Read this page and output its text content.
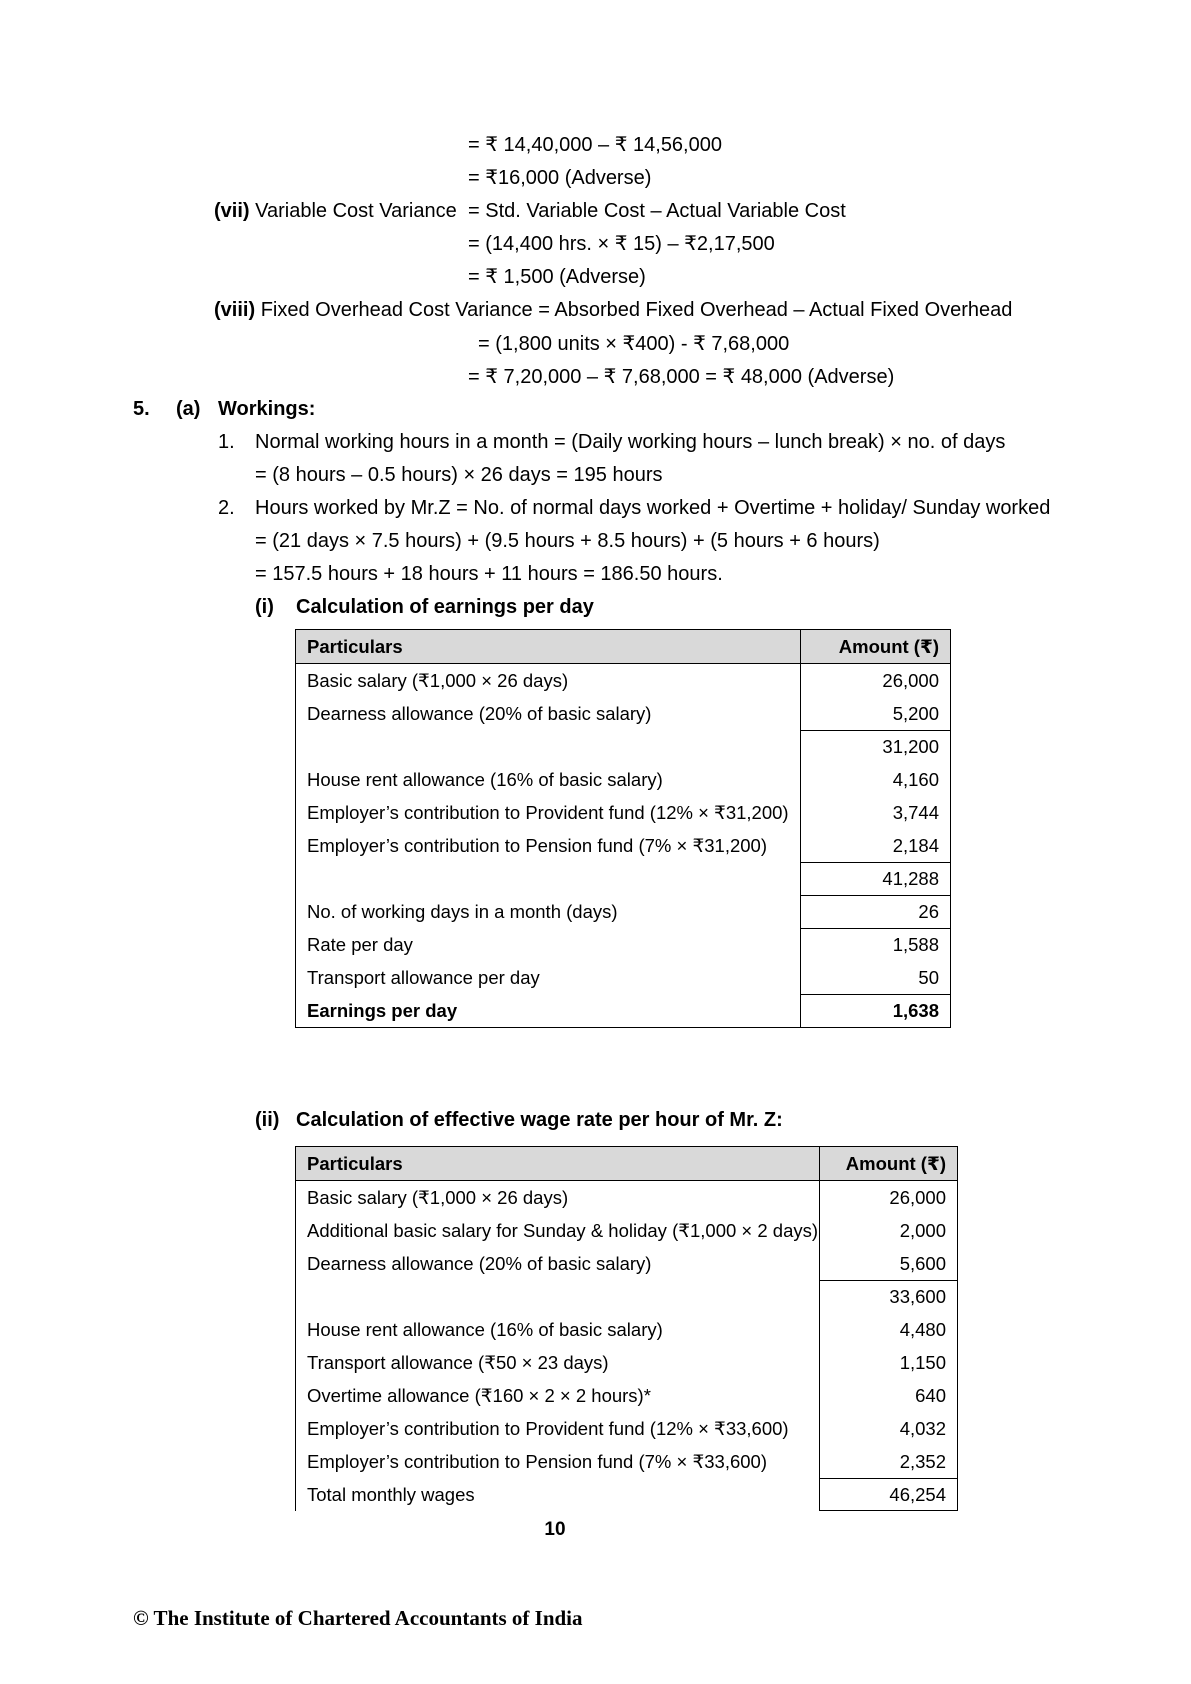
= ₹ 14,40,000 – ₹ 14,56,000
= ₹16,000 (Adverse)
(vii) Variable Cost Variance = Std. Variable Cost – Actual Variable Cost
= (14,400 hrs. × ₹ 15) – ₹2,17,500
= ₹ 1,500 (Adverse)
(viii) Fixed Overhead Cost Variance = Absorbed Fixed Overhead – Actual Fixed Overhead
= (1,800 units × ₹400) - ₹ 7,68,000
= ₹ 7,20,000 – ₹ 7,68,000 = ₹ 48,000 (Adverse)
5. (a) Workings:
1. Normal working hours in a month = (Daily working hours – lunch break) × no. of days
= (8 hours – 0.5 hours) × 26 days = 195 hours
2. Hours worked by Mr.Z = No. of normal days worked + Overtime + holiday/ Sunday worked
= (21 days × 7.5 hours) + (9.5 hours + 8.5 hours) + (5 hours + 6 hours)
= 157.5 hours + 18 hours + 11 hours = 186.50 hours.
(i) Calculation of earnings per day
Particulars	Amount (₹)
Basic salary (₹1,000 × 26 days)	26,000
Dearness allowance (20% of basic salary)	5,200
31,200
House rent allowance (16% of basic salary)	4,160
Employer’s contribution to Provident fund (12% × ₹31,200)	3,744
Employer’s contribution to Pension fund (7% × ₹31,200)	2,184
41,288
No. of working days in a month (days)	26
Rate per day	1,588
Transport allowance per day	50
Earnings per day	1,638
(ii) Calculation of effective wage rate per hour of Mr. Z:
Particulars	Amount (₹)
Basic salary (₹1,000 × 26 days)	26,000
Additional basic salary for Sunday & holiday (₹1,000 × 2 days)	2,000
Dearness allowance (20% of basic salary)	5,600
33,600
House rent allowance (16% of basic salary)	4,480
Transport allowance (₹50 × 23 days)	1,150
Overtime allowance (₹160 × 2 × 2 hours)*	640
Employer’s contribution to Provident fund (12% × ₹33,600)	4,032
Employer’s contribution to Pension fund (7% × ₹33,600)	2,352
Total monthly wages	46,254
10
© The Institute of Chartered Accountants of India
